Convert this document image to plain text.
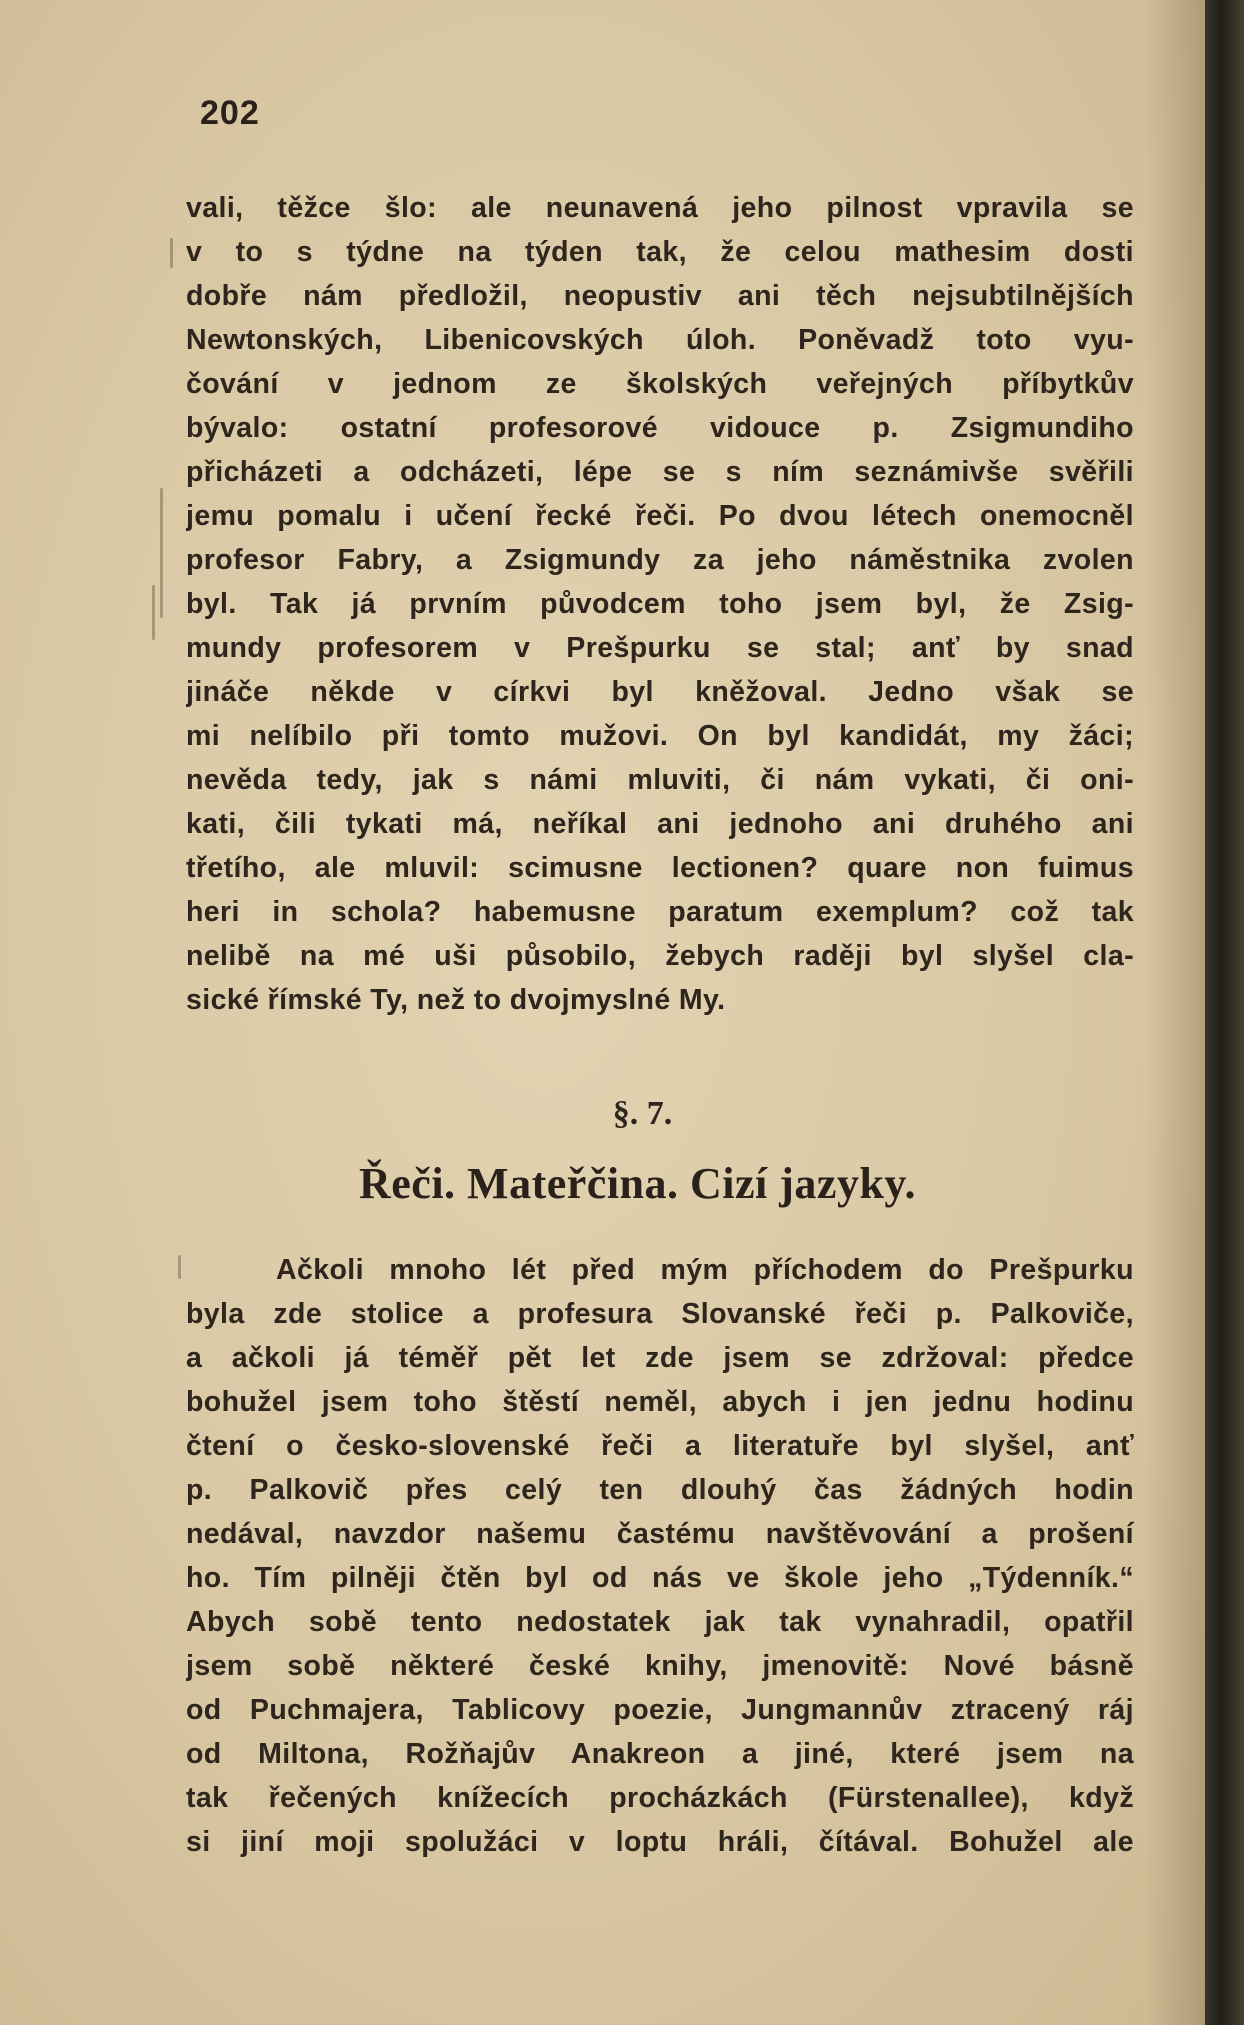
202
vali, těžce šlo: ale neunavená jeho pilnost vpravila se
v to s týdne na týden tak, že celou mathesim dosti
dobře nám předložil, neopustiv ani těch nejsubtilnějších
Newtonských, Libenicovských úloh. Poněvadž toto vyu-
čování v jednom ze školských veřejných příbytkův
bývalo: ostatní profesorové vidouce p. Zsigmundiho
přicházeti a odcházeti, lépe se s ním seznámivše svěřili
jemu pomalu i učení řecké řeči. Po dvou létech onemocněl
profesor Fabry, a Zsigmundy za jeho náměstnika zvolen
byl. Tak já prvním původcem toho jsem byl, že Zsig-
mundy profesorem v Prešpurku se stal; anť by snad
jináče někde v církvi byl kněžoval. Jedno však se
mi nelíbilo při tomto mužovi. On byl kandidát, my žáci;
nevěda tedy, jak s námi mluviti, či nám vykati, či oni-
kati, čili tykati má, neříkal ani jednoho ani druhého ani
třetího, ale mluvil: scimusne lectionen? quare non fuimus
heri in schola? habemusne paratum exemplum? což tak
nelibě na mé uši působilo, žebych raději byl slyšel cla-
sické římské Ty, než to dvojmyslné My.
§. 7.
Řeči. Mateřčina. Cizí jazyky.
Ačkoli mnoho lét před mým příchodem do Prešpurku
byla zde stolice a profesura Slovanské řeči p. Palkoviče,
a ačkoli já téměř pět let zde jsem se zdržoval: předce
bohužel jsem toho štěstí neměl, abych i jen jednu hodinu
čtení o česko-slovenské řeči a literatuře byl slyšel, anť
p. Palkovič přes celý ten dlouhý čas žádných hodin
nedával, navzdor našemu častému navštěvování a prošení
ho. Tím pilněji čtěn byl od nás ve škole jeho „Týdenník.“
Abych sobě tento nedostatek jak tak vynahradil, opatřil
jsem sobě některé české knihy, jmenovitě: Nové básně
od Puchmajera, Tablicovy poezie, Jungmannův ztracený ráj
od Miltona, Rožňajův Anakreon a jiné, které jsem na
tak řečených knížecích procházkách (Fürstenallee), když
si jiní moji spolužáci v loptu hráli, čítával. Bohužel ale
